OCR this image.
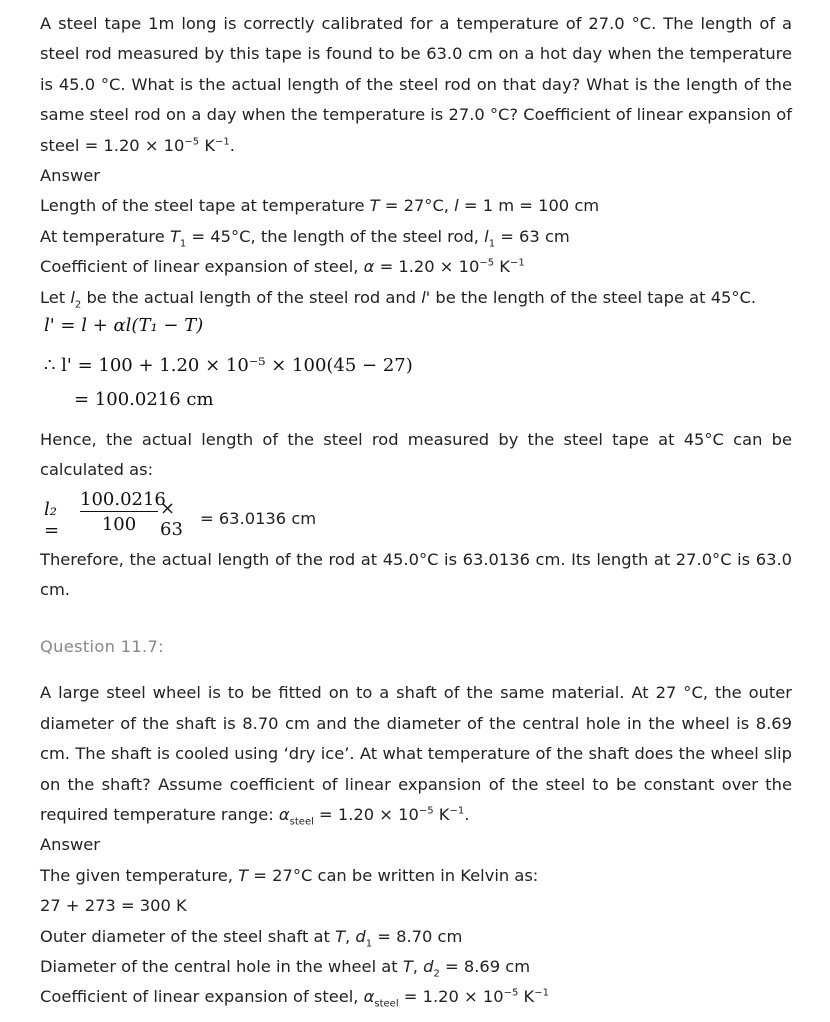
A steel tape 1m long is correctly calibrated for a temperature of 27.0 °C. The length of a steel rod measured by this tape is found to be 63.0 cm on a hot day when the temperature is 45.0 °C. What is the actual length of the steel rod on that day? What is the length of the same steel rod on a day when the temperature is 27.0 °C? Coefficient of linear expansion of steel = $1.20 \times 10^{-5}$ $K^{-1}$.

Answer

Length of the steel tape at temperature T = 27°C, l = 1 m = 100 cm

At temperature $T_1 = 45^\circ C$, the length of the steel rod, $l_1 = 63$ cm

Coefficient of linear expansion of steel, $\alpha = 1.20 \times 10^{-5}$ $K^{-1}$

Let $l_2$ be the actual length of the steel rod and l' be the length of the steel tape at 45°C.

l' = l + αl(T₁ − T)
∴ l' = 100 + 1.20 × 10⁻⁵ × 100(45 − 27)
= 100.0216 cm

Hence, the actual length of the steel rod measured by the steel tape at 45°C can be calculated as:

l₂ =
100.0216
100
× 63
= 63.0136 cm

Therefore, the actual length of the rod at 45.0°C is 63.0136 cm. Its length at 27.0°C is 63.0 cm.

Question 11.7:

A large steel wheel is to be fitted on to a shaft of the same material. At 27 °C, the outer diameter of the shaft is 8.70 cm and the diameter of the central hole in the wheel is 8.69 cm. The shaft is cooled using ‘dry ice’. At what temperature of the shaft does the wheel slip on the shaft? Assume coefficient of linear expansion of the steel to be constant over the required temperature range: $\alpha_{steel} = 1.20 \times 10^{-5}$ $K^{-1}$.

Answer

The given temperature, T = 27°C can be written in Kelvin as:

27 + 273 = 300 K

Outer diameter of the steel shaft at T, $d_1 = 8.70$ cm

Diameter of the central hole in the wheel at T, $d_2 = 8.69$ cm

Coefficient of linear expansion of steel, $\alpha_{steel} = 1.20 \times 10^{-5}$ $K^{-1}$
